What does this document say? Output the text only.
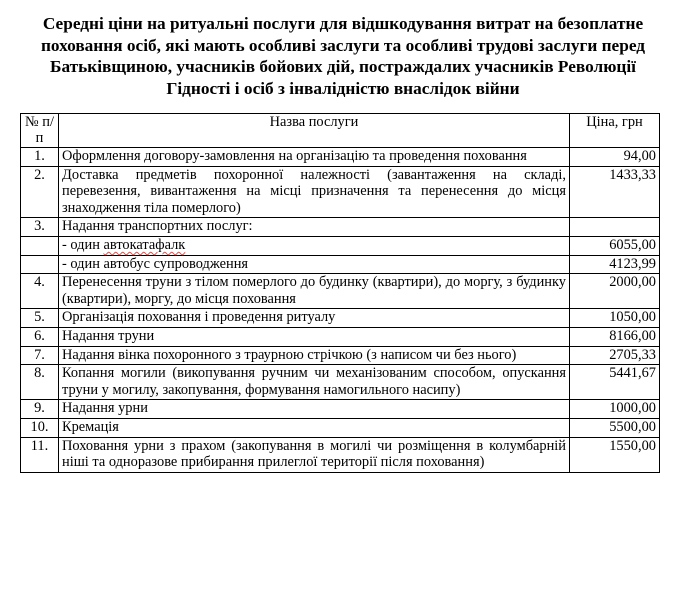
Середні ціни на ритуальні послуги для відшкодування витрат на безоплатне поховання осіб, які мають особливі заслуги та особливі трудові заслуги перед Батьківщиною, учасників бойових дій, постраждалих учасників Революції Гідності і осіб з інвалідністю внаслідок війни
№ п/п	Назва послуги	Ціна, грн
1.	Оформлення договору-замовлення на організацію та проведення поховання	94,00
2.	Доставка предметів похоронної належності (завантаження на складі, перевезення, вивантаження на місці призначення та перенесення до місця знаходження тіла померлого)	1433,33
3.	Надання транспортних послуг:	
	- один автокатафалк	6055,00
	- один автобус супроводження	4123,99
4.	Перенесення труни з тілом померлого до будинку (квартири), до моргу, з будинку (квартири), моргу, до місця поховання	2000,00
5.	Організація поховання і проведення ритуалу	1050,00
6.	Надання труни	8166,00
7.	Надання вінка похоронного з траурною стрічкою (з написом чи без нього)	2705,33
8.	Копання могили (викопування ручним чи механізованим способом, опускання труни у могилу, закопування, формування намогильного насипу)	5441,67
9.	Надання урни	1000,00
10.	Кремація	5500,00
11.	Поховання урни з прахом (закопування в могилі чи розміщення в колумбарній ніші та одноразове прибирання прилеглої території після поховання)	1550,00
